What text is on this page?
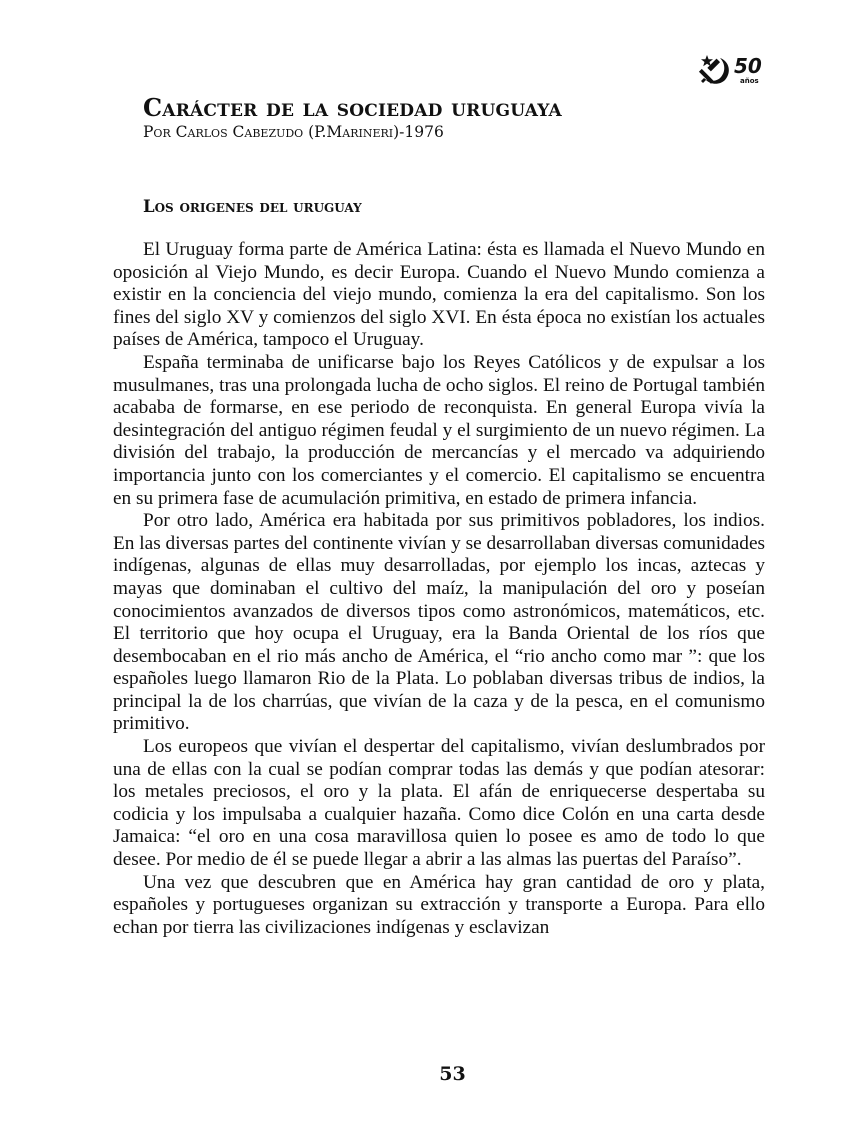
50
años
Carácter de la sociedad uruguaya

Por Carlos Cabezudo (P.Marineri)-1976

Los origenes del uruguay

El Uruguay forma parte de América Latina: ésta es llamada el Nuevo Mundo en oposición al Viejo Mundo, es decir Europa. Cuando el Nuevo Mundo comienza a existir en la conciencia del viejo mundo, comienza la era del capitalismo. Son los fines del siglo XV y comienzos del siglo XVI. En ésta época no existían los actuales países de América, tampoco el Uruguay.

España terminaba de unificarse bajo los Reyes Católicos y de expulsar a los musulmanes, tras una prolongada lucha de ocho siglos. El reino de Portugal también acababa de formarse, en ese periodo de reconquista. En general Europa vivía la desintegración del antiguo régimen feudal y el surgimiento de un nuevo régimen. La división del trabajo, la producción de mercancías y el mercado va adquiriendo importancia junto con los comerciantes y el comercio. El capitalismo se encuentra en su primera fase de acumulación primitiva, en estado de primera infancia.

Por otro lado, América era habitada por sus primitivos pobladores, los indios. En las diversas partes del continente vivían y se desarrollaban diversas comunidades indígenas, algunas de ellas muy desarrolladas, por ejemplo los incas, aztecas y mayas que dominaban el cultivo del maíz, la manipulación del oro y poseían conocimientos avanzados de diversos tipos como astronómicos, matemáticos, etc. El territorio que hoy ocupa el Uruguay, era la Banda Oriental de los ríos que desembocaban en el rio más ancho de América, el “rio ancho como mar ”: que los españoles luego llamaron Rio de la Plata. Lo poblaban diversas tribus de indios, la principal la de los charrúas, que vivían de la caza y de la pesca, en el comunismo primitivo.

Los europeos que vivían el despertar del capitalismo, vivían deslumbrados por una de ellas con la cual se podían comprar todas las demás y que podían atesorar: los metales preciosos, el oro y la plata. El afán de enriquecerse despertaba su codicia y los impulsaba a cualquier hazaña. Como dice Colón en una carta desde Jamaica: “el oro en una cosa maravillosa quien lo posee es amo de todo lo que desee. Por medio de él se puede llegar a abrir a las almas las puertas del Paraíso”.

Una vez que descubren que en América hay gran cantidad de oro y plata, españoles y portugueses organizan su extracción y transporte a Europa. Para ello echan por tierra las civilizaciones indígenas y esclavizan

53
